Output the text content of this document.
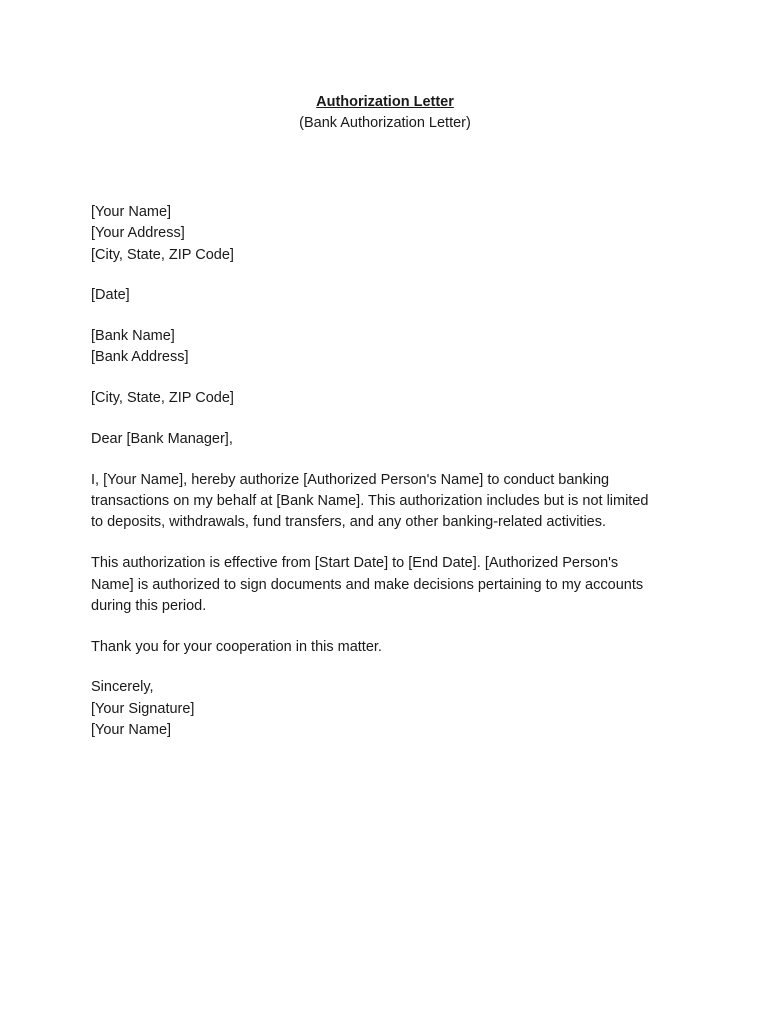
Authorization Letter
(Bank Authorization Letter)
[Your Name]
[Your Address]
[City, State, ZIP Code]
[Date]
[Bank Name]
[Bank Address]
[City, State, ZIP Code]
Dear [Bank Manager],
I, [Your Name], hereby authorize [Authorized Person's Name] to conduct banking
transactions on my behalf at [Bank Name]. This authorization includes but is not limited
to deposits, withdrawals, fund transfers, and any other banking-related activities.
This authorization is effective from [Start Date] to [End Date]. [Authorized Person's
Name] is authorized to sign documents and make decisions pertaining to my accounts
during this period.
Thank you for your cooperation in this matter.
Sincerely,
[Your Signature]
[Your Name]
